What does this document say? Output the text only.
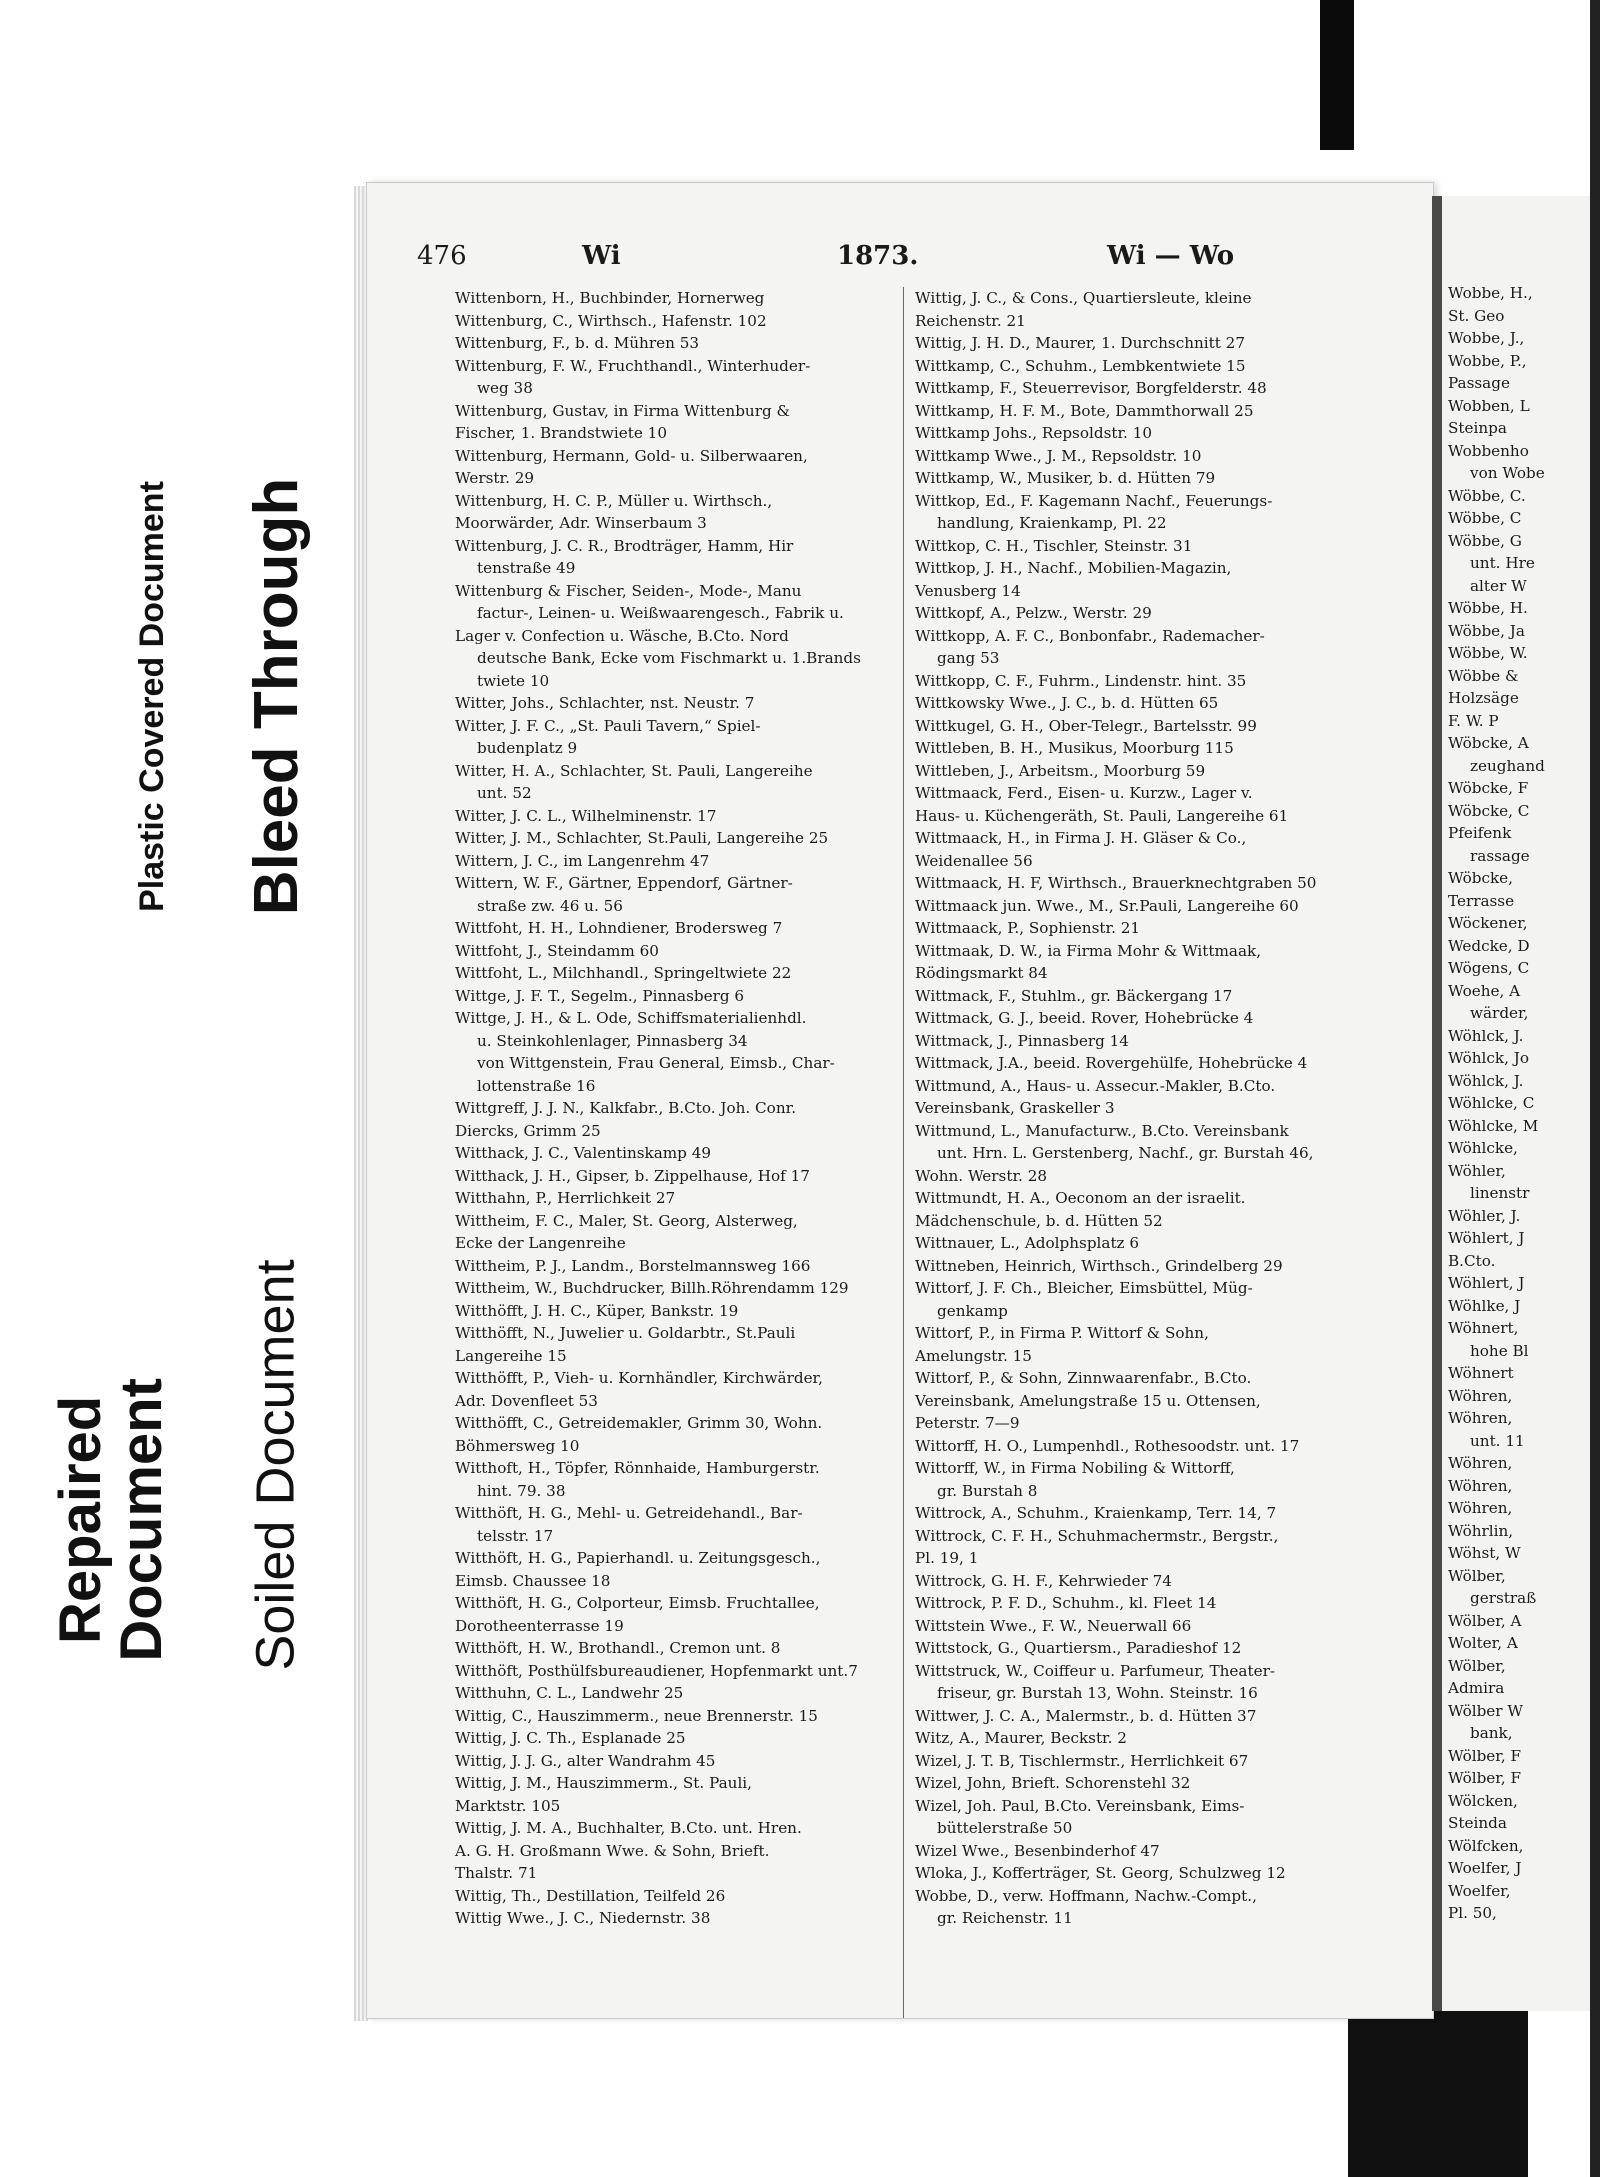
Plastic Covered Document Bleed Through
Repaired Document Soiled Document
476	Wi	1873.	Wi — Wo
Wittenborn, H., Buchbinder, Hornerweg
Wittenburg, C., Wirthsch., Hafenstr. 102
Wittenburg, F., b. d. Mühren 53
Wittenburg, F. W., Fruchthandl., Winterhuder-
weg 38
Wittenburg, Gustav, in Firma Wittenburg &
Fischer, 1. Brandstwiete 10
Wittenburg, Hermann, Gold- u. Silberwaaren,
Werstr. 29
Wittenburg, H. C. P., Müller u. Wirthsch.,
Moorwärder, Adr. Winserbaum 3
Wittenburg, J. C. R., Brodträger, Hamm, Hir
tenstraße 49
Wittenburg & Fischer, Seiden-, Mode-, Manu
factur-, Leinen- u. Weißwaarengesch., Fabrik u.
Lager v. Confection u. Wäsche, B.Cto. Nord
deutsche Bank, Ecke vom Fischmarkt u. 1.Brands
twiete 10
Witter, Johs., Schlachter, nst. Neustr. 7
Witter, J. F. C., „St. Pauli Tavern,“ Spiel-
budenplatz 9
Witter, H. A., Schlachter, St. Pauli, Langereihe
unt. 52
Witter, J. C. L., Wilhelminenstr. 17
Witter, J. M., Schlachter, St.Pauli, Langereihe 25
Wittern, J. C., im Langenrehm 47
Wittern, W. F., Gärtner, Eppendorf, Gärtner-
straße zw. 46 u. 56
Wittfoht, H. H., Lohndiener, Brodersweg 7
Wittfoht, J., Steindamm 60
Wittfoht, L., Milchhandl., Springeltwiete 22
Wittge, J. F. T., Segelm., Pinnasberg 6
Wittge, J. H., & L. Ode, Schiffsmaterialienhdl.
u. Steinkohlenlager, Pinnasberg 34
von Wittgenstein, Frau General, Eimsb., Char-
lottenstraße 16
Wittgreff, J. J. N., Kalkfabr., B.Cto. Joh. Conr.
Diercks, Grimm 25
Witthack, J. C., Valentinskamp 49
Witthack, J. H., Gipser, b. Zippelhause, Hof 17
Witthahn, P., Herrlichkeit 27
Wittheim, F. C., Maler, St. Georg, Alsterweg,
Ecke der Langenreihe
Wittheim, P. J., Landm., Borstelmannsweg 166
Wittheim, W., Buchdrucker, Billh.Röhrendamm 129
Witthöfft, J. H. C., Küper, Bankstr. 19
Witthöfft, N., Juwelier u. Goldarbtr., St.Pauli
Langereihe 15
Witthöfft, P., Vieh- u. Kornhändler, Kirchwärder,
Adr. Dovenfleet 53
Witthöfft, C., Getreidemakler, Grimm 30, Wohn.
Böhmersweg 10
Witthoft, H., Töpfer, Rönnhaide, Hamburgerstr.
hint. 79. 38
Witthöft, H. G., Mehl- u. Getreidehandl., Bar-
telsstr. 17
Witthöft, H. G., Papierhandl. u. Zeitungsgesch.,
Eimsb. Chaussee 18
Witthöft, H. G., Colporteur, Eimsb. Fruchtallee,
Dorotheenterrasse 19
Witthöft, H. W., Brothandl., Cremon unt. 8
Witthöft, Posthülfsbureaudiener, Hopfenmarkt unt.7
Witthuhn, C. L., Landwehr 25
Wittig, C., Hauszimmerm., neue Brennerstr. 15
Wittig, J. C. Th., Esplanade 25
Wittig, J. J. G., alter Wandrahm 45
Wittig, J. M., Hauszimmerm., St. Pauli,
Marktstr. 105
Wittig, J. M. A., Buchhalter, B.Cto. unt. Hren.
A. G. H. Großmann Wwe. & Sohn, Brieft.
Thalstr. 71
Wittig, Th., Destillation, Teilfeld 26
Wittig Wwe., J. C., Niedernstr. 38
Wittig, J. C., & Cons., Quartiersleute, kleine
Reichenstr. 21
Wittig, J. H. D., Maurer, 1. Durchschnitt 27
Wittkamp, C., Schuhm., Lembkentwiete 15
Wittkamp, F., Steuerrevisor, Borgfelderstr. 48
Wittkamp, H. F. M., Bote, Dammthorwall 25
Wittkamp Johs., Repsoldstr. 10
Wittkamp Wwe., J. M., Repsoldstr. 10
Wittkamp, W., Musiker, b. d. Hütten 79
Wittkop, Ed., F. Kagemann Nachf., Feuerungs-
handlung, Kraienkamp, Pl. 22
Wittkop, C. H., Tischler, Steinstr. 31
Wittkop, J. H., Nachf., Mobilien-Magazin,
Venusberg 14
Wittkopf, A., Pelzw., Werstr. 29
Wittkopp, A. F. C., Bonbonfabr., Rademacher-
gang 53
Wittkopp, C. F., Fuhrm., Lindenstr. hint. 35
Wittkowsky Wwe., J. C., b. d. Hütten 65
Wittkugel, G. H., Ober-Telegr., Bartelsstr. 99
Wittleben, B. H., Musikus, Moorburg 115
Wittleben, J., Arbeitsm., Moorburg 59
Wittmaack, Ferd., Eisen- u. Kurzw., Lager v.
Haus- u. Küchengeräth, St. Pauli, Langereihe 61
Wittmaack, H., in Firma J. H. Gläser & Co.,
Weidenallee 56
Wittmaack, H. F, Wirthsch., Brauerknechtgraben 50
Wittmaack jun. Wwe., M., Sr.Pauli, Langereihe 60
Wittmaack, P., Sophienstr. 21
Wittmaak, D. W., ia Firma Mohr & Wittmaak,
Rödingsmarkt 84
Wittmack, F., Stuhlm., gr. Bäckergang 17
Wittmack, G. J., beeid. Rover, Hohebrücke 4
Wittmack, J., Pinnasberg 14
Wittmack, J.A., beeid. Rovergehülfe, Hohebrücke 4
Wittmund, A., Haus- u. Assecur.-Makler, B.Cto.
Vereinsbank, Graskeller 3
Wittmund, L., Manufacturw., B.Cto. Vereinsbank
unt. Hrn. L. Gerstenberg, Nachf., gr. Burstah 46,
Wohn. Werstr. 28
Wittmundt, H. A., Oeconom an der israelit.
Mädchenschule, b. d. Hütten 52
Wittnauer, L., Adolphsplatz 6
Wittneben, Heinrich, Wirthsch., Grindelberg 29
Wittorf, J. F. Ch., Bleicher, Eimsbüttel, Müg-
genkamp
Wittorf, P., in Firma P. Wittorf & Sohn,
Amelungstr. 15
Wittorf, P., & Sohn, Zinnwaarenfabr., B.Cto.
Vereinsbank, Amelungstraße 15 u. Ottensen,
Peterstr. 7—9
Wittorff, H. O., Lumpenhdl., Rothesoodstr. unt. 17
Wittorff, W., in Firma Nobiling & Wittorff,
gr. Burstah 8
Wittrock, A., Schuhm., Kraienkamp, Terr. 14, 7
Wittrock, C. F. H., Schuhmachermstr., Bergstr.,
Pl. 19, 1
Wittrock, G. H. F., Kehrwieder 74
Wittrock, P. F. D., Schuhm., kl. Fleet 14
Wittstein Wwe., F. W., Neuerwall 66
Wittstock, G., Quartiersm., Paradieshof 12
Wittstruck, W., Coiffeur u. Parfumeur, Theater-
friseur, gr. Burstah 13, Wohn. Steinstr. 16
Wittwer, J. C. A., Malermstr., b. d. Hütten 37
Witz, A., Maurer, Beckstr. 2
Wizel, J. T. B, Tischlermstr., Herrlichkeit 67
Wizel, John, Brieft. Schorenstehl 32
Wizel, Joh. Paul, B.Cto. Vereinsbank, Eims-
büttelerstraße 50
Wizel Wwe., Besenbinderhof 47
Wloka, J., Kofferträger, St. Georg, Schulzweg 12
Wobbe, D., verw. Hoffmann, Nachw.-Compt.,
gr. Reichenstr. 11
Wobbe, H.,
St. Geo
Wobbe, J.,
Wobbe, P.,
Passage
Wobben, L
Steinpa
Wobbenho
von Wobe
Wöbbe, C.
Wöbbe, C
Wöbbe, G
unt. Hre
alter W
Wöbbe, H.
Wöbbe, Ja
Wöbbe, W.
Wöbbe &
Holzsäge
F. W. P
Wöbcke, A
zeughand
Wöbcke, F
Wöbcke, C
Pfeifenk
rassage
Wöbcke,
Terrasse
Wöckener,
Wedcke, D
Wögens, C
Woehe, A
wärder,
Wöhlck, J.
Wöhlck, Jo
Wöhlck, J.
Wöhlcke, C
Wöhlcke, M
Wöhlcke,
Wöhler,
linenstr
Wöhler, J.
Wöhlert, J
B.Cto.
Wöhlert, J
Wöhlke, J
Wöhnert,
hohe Bl
Wöhnert
Wöhren,
Wöhren,
unt. 11
Wöhren,
Wöhren,
Wöhren,
Wöhrlin,
Wöhst, W
Wölber,
gerstraß
Wölber, A
Wolter, A
Wölber,
Admira
Wölber W
bank,
Wölber, F
Wölber, F
Wölcken,
Steinda
Wölfcken,
Woelfer, J
Woelfer,
Pl. 50,
